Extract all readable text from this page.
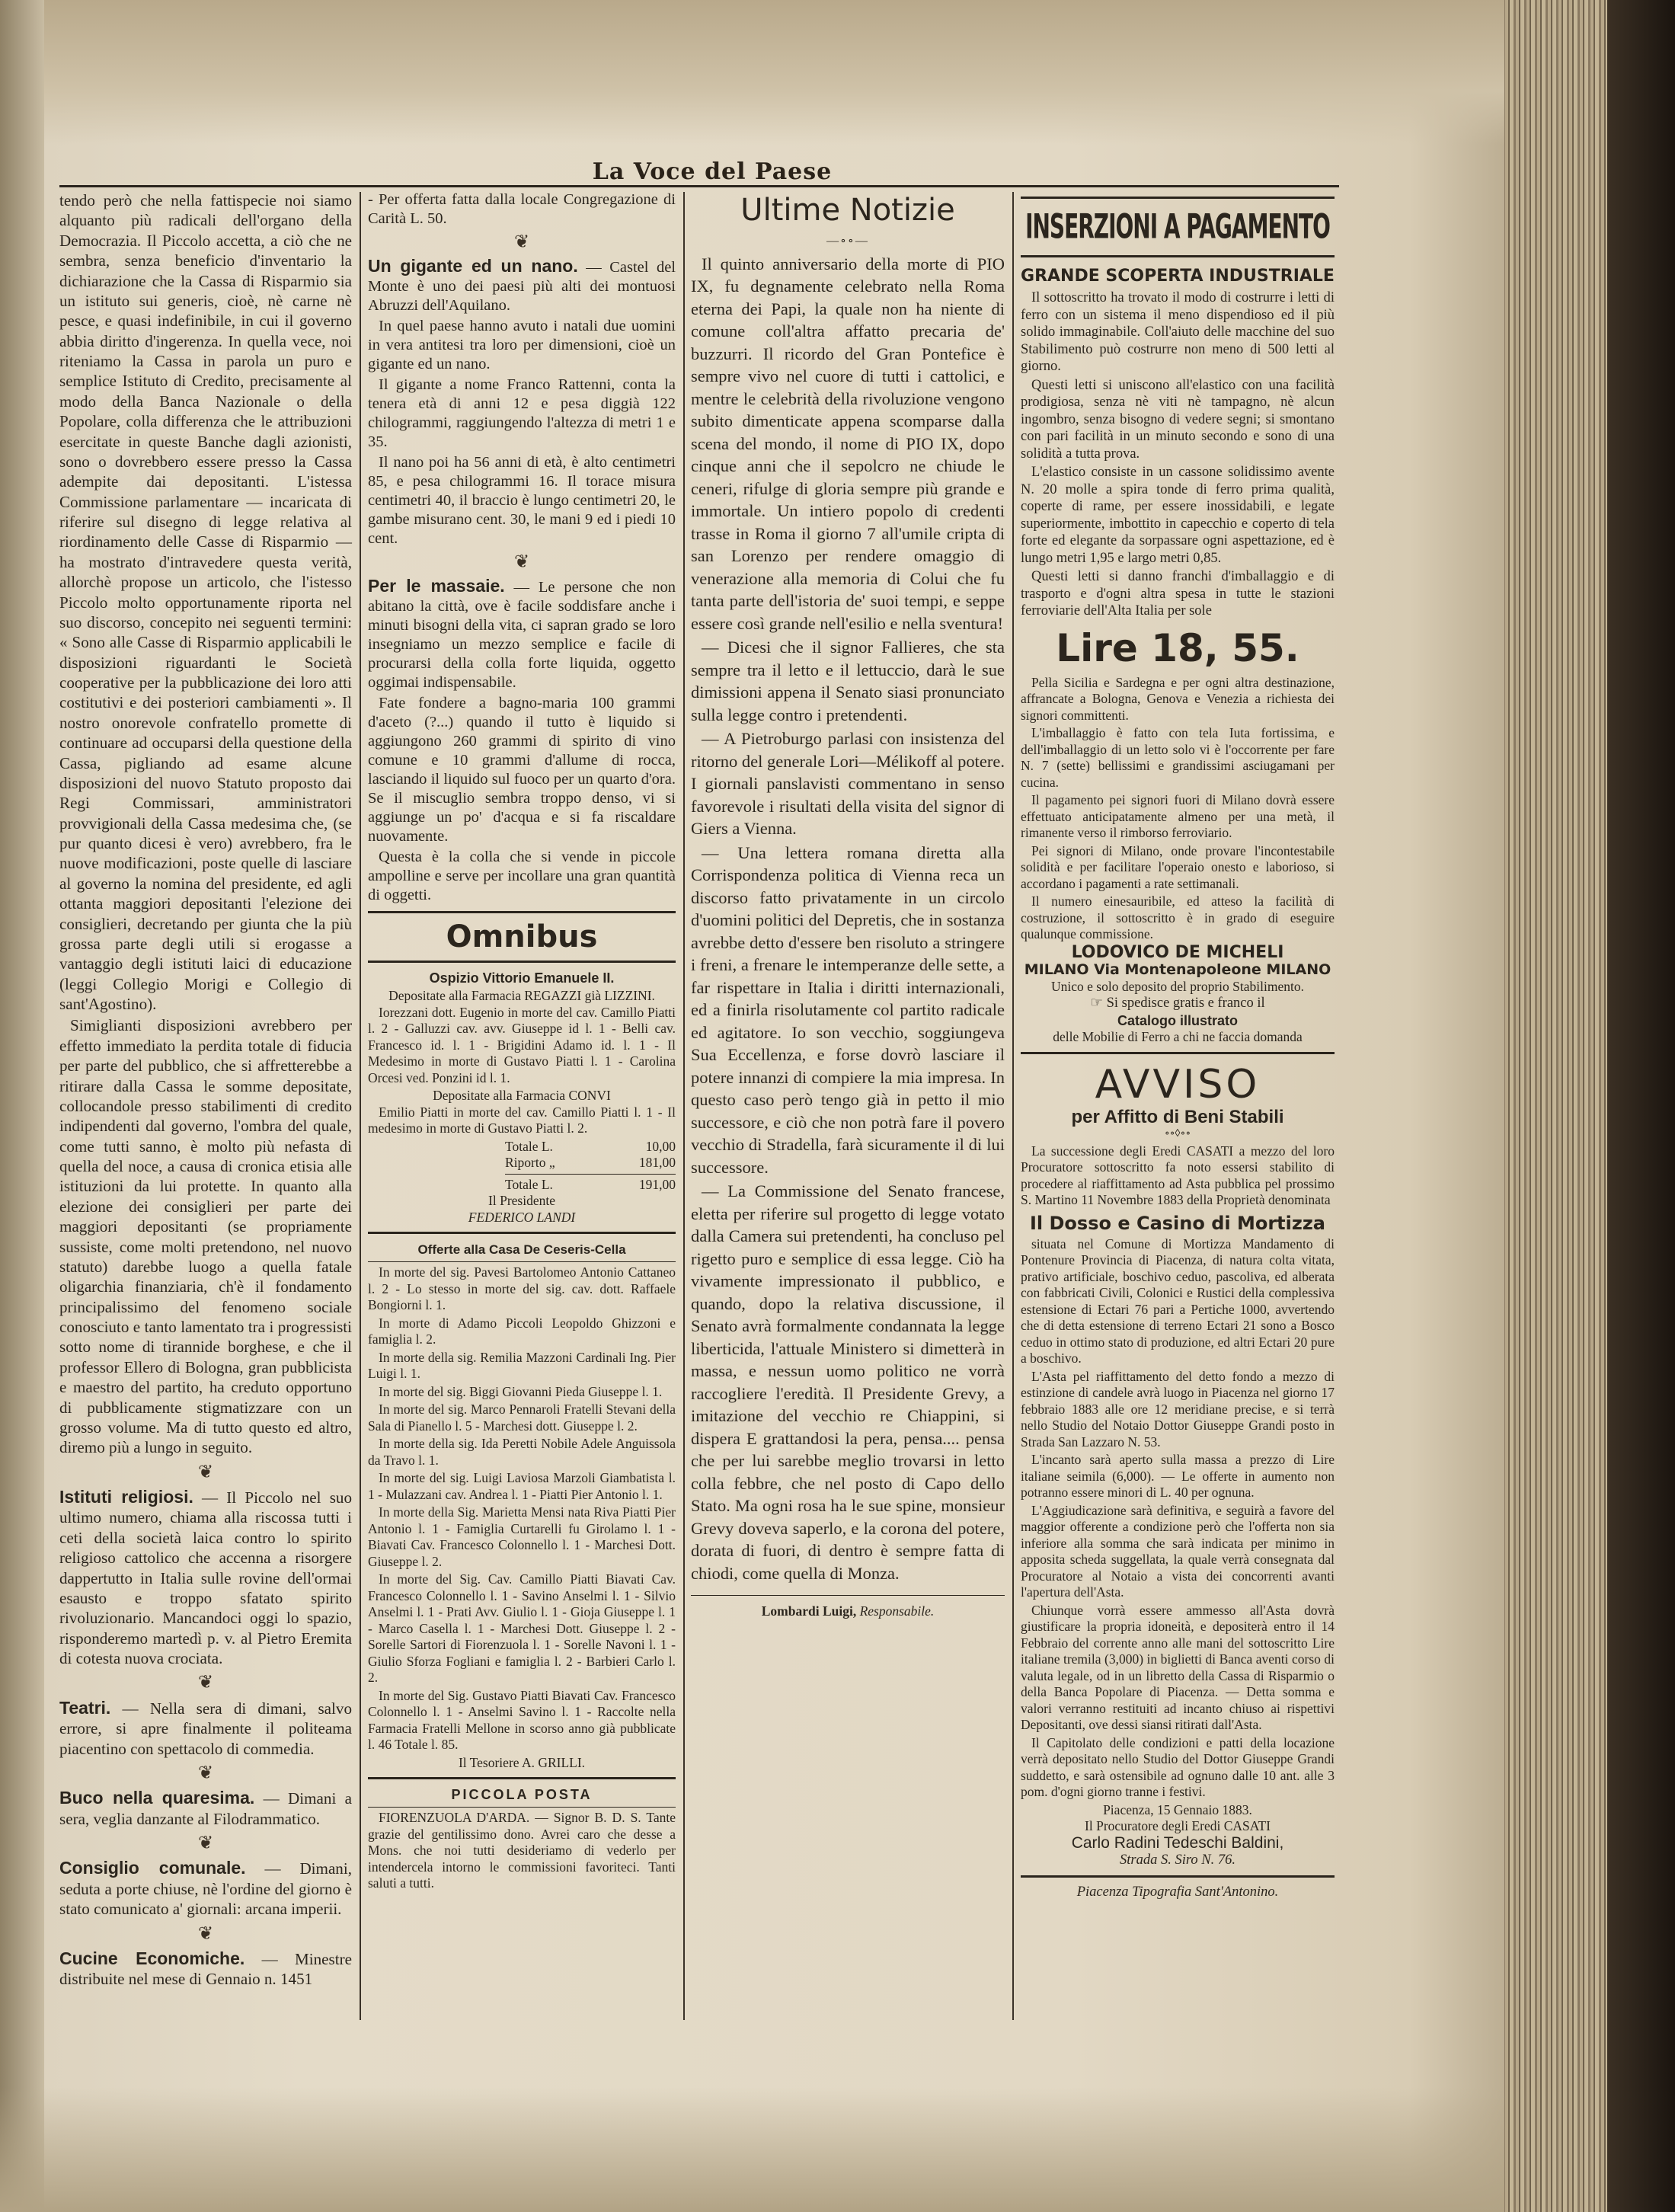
La Voce del Paese

tendo però che nella fattispecie noi siamo alquanto più radicali dell'organo della Democrazia. Il Piccolo accetta, a ciò che ne sembra, senza beneficio d'inventario la dichiarazione che la Cassa di Risparmio sia un istituto sui generis, cioè, nè carne nè pesce, e quasi indefinibile, in cui il governo abbia diritto d'ingerenza. In quella vece, noi riteniamo la Cassa in parola un puro e semplice Istituto di Credito, precisamente al modo della Banca Nazionale o della Popolare, colla differenza che le attribuzioni esercitate in queste Banche dagli azionisti, sono o dovrebbero essere presso la Cassa adempite dai depositanti. L'istessa Commissione parlamentare — incaricata di riferire sul disegno di legge relativa al riordinamento delle Casse di Risparmio — ha mostrato d'intravedere questa verità, allorchè propose un articolo, che l'istesso Piccolo molto opportunamente riporta nel suo discorso, concepito nei seguenti termini: « Sono alle Casse di Risparmio applicabili le disposizioni riguardanti le Società cooperative per la pubblicazione dei loro atti costitutivi e dei posteriori cambiamenti ». Il nostro onorevole confratello promette di continuare ad occuparsi della questione della Cassa, pigliando ad esame alcune disposizioni del nuovo Statuto proposto dai Regi Commissari, amministratori provvigionali della Cassa medesima che, (se pur quanto dicesi è vero) avrebbero, fra le nuove modificazioni, poste quelle di lasciare al governo la nomina del presidente, ed agli ottanta maggiori depositanti l'elezione dei consiglieri, decretando per giunta che la più grossa parte degli utili si erogasse a vantaggio degli istituti laici di educazione (leggi Collegio Morigi e Collegio di sant'Agostino).

Simiglianti disposizioni avrebbero per effetto immediato la perdita totale di fiducia per parte del pubblico, che si affretterebbe a ritirare dalla Cassa le somme depositate, collocandole presso stabilimenti di credito indipendenti dal governo, l'ombra del quale, come tutti sanno, è molto più nefasta di quella del noce, a causa di cronica etisia alle istituzioni da lui protette. In quanto alla elezione dei consiglieri per parte dei maggiori depositanti (se propriamente sussiste, come molti pretendono, nel nuovo statuto) darebbe luogo a quella fatale oligarchia finanziaria, ch'è il fondamento principalissimo del fenomeno sociale conosciuto e tanto lamentato tra i progressisti sotto nome di tirannide borghese, e che il professor Ellero di Bologna, gran pubblicista e maestro del partito, ha creduto opportuno di pubblicamente stigmatizzare con un grosso volume. Ma di tutto questo ed altro, diremo più a lungo in seguito.

❦

Istituti religiosi. — Il Piccolo nel suo ultimo numero, chiama alla riscossa tutti i ceti della società laica contro lo spirito religioso cattolico che accenna a risorgere dappertutto in Italia sulle rovine dell'ormai esausto e troppo sfatato spirito rivoluzionario. Mancandoci oggi lo spazio, risponderemo martedì p. v. al Pietro Eremita di cotesta nuova crociata.

❦

Teatri. — Nella sera di dimani, salvo errore, si apre finalmente il politeama piacentino con spettacolo di commedia.

❦

Buco nella quaresima. — Dimani a sera, veglia danzante al Filodrammatico.

❦

Consiglio comunale. — Dimani, seduta a porte chiuse, nè l'ordine del giorno è stato comunicato a' giornali: arcana imperii.

❦

Cucine Economiche. — Minestre distribuite nel mese di Gennaio n. 1451

- Per offerta fatta dalla locale Congregazione di Carità L. 50.

❦

Un gigante ed un nano. — Castel del Monte è uno dei paesi più alti dei montuosi Abruzzi dell'Aquilano.

In quel paese hanno avuto i natali due uomini in vera antitesi tra loro per dimensioni, cioè un gigante ed un nano.

Il gigante a nome Franco Rattenni, conta la tenera età di anni 12 e pesa diggià 122 chilogrammi, raggiungendo l'altezza di metri 1 e 35.

Il nano poi ha 56 anni di età, è alto centimetri 85, e pesa chilogrammi 16. Il torace misura centimetri 40, il braccio è lungo centimetri 20, le gambe misurano cent. 30, le mani 9 ed i piedi 10 cent.

❦

Per le massaie. — Le persone che non abitano la città, ove è facile soddisfare anche i minuti bisogni della vita, ci sapran grado se loro insegniamo un mezzo semplice e facile di procurarsi della colla forte liquida, oggetto oggimai indispensabile.

Fate fondere a bagno-maria 100 grammi d'aceto (?...) quando il tutto è liquido si aggiungono 260 grammi di spirito di vino comune e 10 grammi d'allume di rocca, lasciando il liquido sul fuoco per un quarto d'ora. Se il miscuglio sembra troppo denso, vi si aggiunge un po' d'acqua e si fa riscaldare nuovamente.

Questa è la colla che si vende in piccole ampolline e serve per incollare una gran quantità di oggetti.

Omnibus
Ospizio Vittorio Emanuele II.
Depositate alla Farmacia REGAZZI già LIZZINI.

Iorezzani dott. Eugenio in morte del cav. Camillo Piatti l. 2 - Galluzzi cav. avv. Giuseppe id l. 1 - Belli cav. Francesco id. l. 1 - Brigidini Adamo id. l. 1 - Il Medesimo in morte di Gustavo Piatti l. 1 - Carolina Orcesi ved. Ponzini id l. 1.

Depositate alla Farmacia CONVI

Emilio Piatti in morte del cav. Camillo Piatti l. 1 - Il medesimo in morte di Gustavo Piatti l. 2.

Totale L.	10,00
Riporto „	181,00
Totale L.	191,00
Il Presidente
FEDERICO LANDI
Offerte alla Casa De Ceseris-Cella

In morte del sig. Pavesi Bartolomeo Antonio Cattaneo l. 2 - Lo stesso in morte del sig. cav. dott. Raffaele Bongiorni l. 1.

In morte di Adamo Piccoli Leopoldo Ghizzoni e famiglia l. 2.

In morte della sig. Remilia Mazzoni Cardinali Ing. Pier Luigi l. 1.

In morte del sig. Biggi Giovanni Pieda Giuseppe l. 1.

In morte del sig. Marco Pennaroli Fratelli Stevani della Sala di Pianello l. 5 - Marchesi dott. Giuseppe l. 2.

In morte della sig. Ida Peretti Nobile Adele Anguissola da Travo l. 1.

In morte del sig. Luigi Laviosa Marzoli Giambatista l. 1 - Mulazzani cav. Andrea l. 1 - Piatti Pier Antonio l. 1.

In morte della Sig. Marietta Mensi nata Riva Piatti Pier Antonio l. 1 - Famiglia Curtarelli fu Girolamo l. 1 - Biavati Cav. Francesco Colonnello l. 1 - Marchesi Dott. Giuseppe l. 2.

In morte del Sig. Cav. Camillo Piatti Biavati Cav. Francesco Colonnello l. 1 - Savino Anselmi l. 1 - Silvio Anselmi l. 1 - Prati Avv. Giulio l. 1 - Gioja Giuseppe l. 1 - Marco Casella l. 1 - Marchesi Dott. Giuseppe l. 2 - Sorelle Sartori di Fiorenzuola l. 1 - Sorelle Navoni l. 1 - Giulio Sforza Fogliani e famiglia l. 2 - Barbieri Carlo l. 2.

In morte del Sig. Gustavo Piatti Biavati Cav. Francesco Colonnello l. 1 - Anselmi Savino l. 1 - Raccolte nella Farmacia Fratelli Mellone in scorso anno già pubblicate l. 46 Totale l. 85.

Il Tesoriere A. GRILLI.
PICCOLA POSTA

FIORENZUOLA D'ARDA. — Signor B. D. S. Tante grazie del gentilissimo dono. Avrei caro che desse a Mons. che noi tutti desideriamo di vederlo per intendercela intorno le commissioni favoriteci. Tanti saluti a tutti.

Ultime Notizie
—∘∘—

Il quinto anniversario della morte di PIO IX, fu degnamente celebrato nella Roma eterna dei Papi, la quale non ha niente di comune coll'altra affatto precaria de' buzzurri. Il ricordo del Gran Pontefice è sempre vivo nel cuore di tutti i cattolici, e mentre le celebrità della rivoluzione vengono subito dimenticate appena scomparse dalla scena del mondo, il nome di PIO IX, dopo cinque anni che il sepolcro ne chiude le ceneri, rifulge di gloria sempre più grande e immortale. Un intiero popolo di credenti trasse in Roma il giorno 7 all'umile cripta di san Lorenzo per rendere omaggio di venerazione alla memoria di Colui che fu tanta parte dell'istoria de' suoi tempi, e seppe essere così grande nell'esilio e nella sventura!

— Dicesi che il signor Fallieres, che sta sempre tra il letto e il lettuccio, darà le sue dimissioni appena il Senato siasi pronunciato sulla legge contro i pretendenti.

— A Pietroburgo parlasi con insistenza del ritorno del generale Lori—Mélikoff al potere. I giornali panslavisti commentano in senso favorevole i risultati della visita del signor di Giers a Vienna.

— Una lettera romana diretta alla Corrispondenza politica di Vienna reca un discorso fatto privatamente in un circolo d'uomini politici del Depretis, che in sostanza avrebbe detto d'essere ben risoluto a stringere i freni, a frenare le intemperanze delle sette, a far rispettare in Italia i diritti internazionali, ed a finirla risolutamente col partito radicale ed agitatore. Io son vecchio, soggiungeva Sua Eccellenza, e forse dovrò lasciare il potere innanzi di compiere la mia impresa. In questo caso però tengo già in petto il mio successore, e ciò che non potrà fare il povero vecchio di Stradella, farà sicuramente il di lui successore.

— La Commissione del Senato francese, eletta per riferire sul progetto di legge votato dalla Camera sui pretendenti, ha concluso pel rigetto puro e semplice di essa legge. Ciò ha vivamente impressionato il pubblico, e quando, dopo la relativa discussione, il Senato avrà formalmente condannata la legge liberticida, l'attuale Ministero si dimetterà in massa, e nessun uomo politico ne vorrà raccogliere l'eredità. Il Presidente Grevy, a imitazione del vecchio re Chiappini, si dispera E grattandosi la pera, pensa.... pensa che per lui sarebbe meglio trovarsi in letto colla febbre, che nel posto di Capo dello Stato. Ma ogni rosa ha le sue spine, monsieur Grevy doveva saperlo, e la corona del potere, dorata di fuori, di dentro è sempre fatta di chiodi, come quella di Monza.

Lombardi Luigi, Responsabile.
INSERZIONI A PAGAMENTO
GRANDE SCOPERTA INDUSTRIALE

Il sottoscritto ha trovato il modo di costrurre i letti di ferro con un sistema il meno dispendioso ed il più solido immaginabile. Coll'aiuto delle macchine del suo Stabilimento può costrurre non meno di 500 letti al giorno.

Questi letti si uniscono all'elastico con una facilità prodigiosa, senza nè viti nè tampagno, nè alcun ingombro, senza bisogno di vedere segni; si smontano con pari facilità in un minuto secondo e sono di una solidità a tutta prova.

L'elastico consiste in un cassone solidissimo avente N. 20 molle a spira tonde di ferro prima qualità, coperte di rame, per essere inossidabili, e legate superiormente, imbottito in capecchio e coperto di tela forte ed elegante da sorpassare ogni aspettazione, ed è lungo metri 1,95 e largo metri 0,85.

Questi letti si danno franchi d'imballaggio e di trasporto e d'ogni altra spesa in tutte le stazioni ferroviarie dell'Alta Italia per sole

Lire 18, 55.

Pella Sicilia e Sardegna e per ogni altra destinazione, affrancate a Bologna, Genova e Venezia a richiesta dei signori committenti.

L'imballaggio è fatto con tela Iuta fortissima, e dell'imballaggio di un letto solo vi è l'occorrente per fare N. 7 (sette) bellissimi e grandissimi asciugamani per cucina.

Il pagamento pei signori fuori di Milano dovrà essere effettuato anticipatamente almeno per una metà, il rimanente verso il rimborso ferroviario.

Pei signori di Milano, onde provare l'incontestabile solidità e per facilitare l'operaio onesto e laborioso, si accordano i pagamenti a rate settimanali.

Il numero einesauribile, ed atteso la facilità di costruzione, il sottoscritto è in grado di eseguire qualunque commissione.

LODOVICO DE MICHELI
MILANO Via Montenapoleone MILANO
Unico e solo deposito del proprio Stabilimento.
☞ Si spedisce gratis e franco il
Catalogo illustrato
delle Mobilie di Ferro a chi ne faccia domanda
AVVISO
per Affitto di Beni Stabili
∘∘◊∘∘

La successione degli Eredi CASATI a mezzo del loro Procuratore sottoscritto fa noto essersi stabilito di procedere al riaffittamento ad Asta pubblica pel prossimo S. Martino 11 Novembre 1883 della Proprietà denominata

Il Dosso e Casino di Mortizza

situata nel Comune di Mortizza Mandamento di Pontenure Provincia di Piacenza, di natura colta vitata, prativo artificiale, boschivo ceduo, pascoliva, ed alberata con fabbricati Civili, Colonici e Rustici della complessiva estensione di Ectari 76 pari a Pertiche 1000, avvertendo che di detta estensione di terreno Ectari 21 sono a Bosco ceduo in ottimo stato di produzione, ed altri Ectari 20 pure a boschivo.

L'Asta pel riaffittamento del detto fondo a mezzo di estinzione di candele avrà luogo in Piacenza nel giorno 17 febbraio 1883 alle ore 12 meridiane precise, e si terrà nello Studio del Notaio Dottor Giuseppe Grandi posto in Strada San Lazzaro N. 53.

L'incanto sarà aperto sulla massa a prezzo di Lire italiane seimila (6,000). — Le offerte in aumento non potranno essere minori di L. 40 per ognuna.

L'Aggiudicazione sarà definitiva, e seguirà a favore del maggior offerente a condizione però che l'offerta non sia inferiore alla somma che sarà indicata per minimo in apposita scheda suggellata, la quale verrà consegnata dal Procuratore al Notaio a vista dei concorrenti avanti l'apertura dell'Asta.

Chiunque vorrà essere ammesso all'Asta dovrà giustificare la propria idoneità, e depositerà entro il 14 Febbraio del corrente anno alle mani del sottoscritto Lire italiane tremila (3,000) in biglietti di Banca aventi corso di valuta legale, od in un libretto della Cassa di Risparmio o della Banca Popolare di Piacenza. — Detta somma e valori verranno restituiti ad incanto chiuso ai rispettivi Depositanti, ove dessi siansi ritirati dall'Asta.

Il Capitolato delle condizioni e patti della locazione verrà depositato nello Studio del Dottor Giuseppe Grandi suddetto, e sarà ostensibile ad ognuno dalle 10 ant. alle 3 pom. d'ogni giorno tranne i festivi.

Piacenza, 15 Gennaio 1883.
Il Procuratore degli Eredi CASATI
Carlo Radini Tedeschi Baldini,
Strada S. Siro N. 76.
Piacenza Tipografia Sant'Antonino.
